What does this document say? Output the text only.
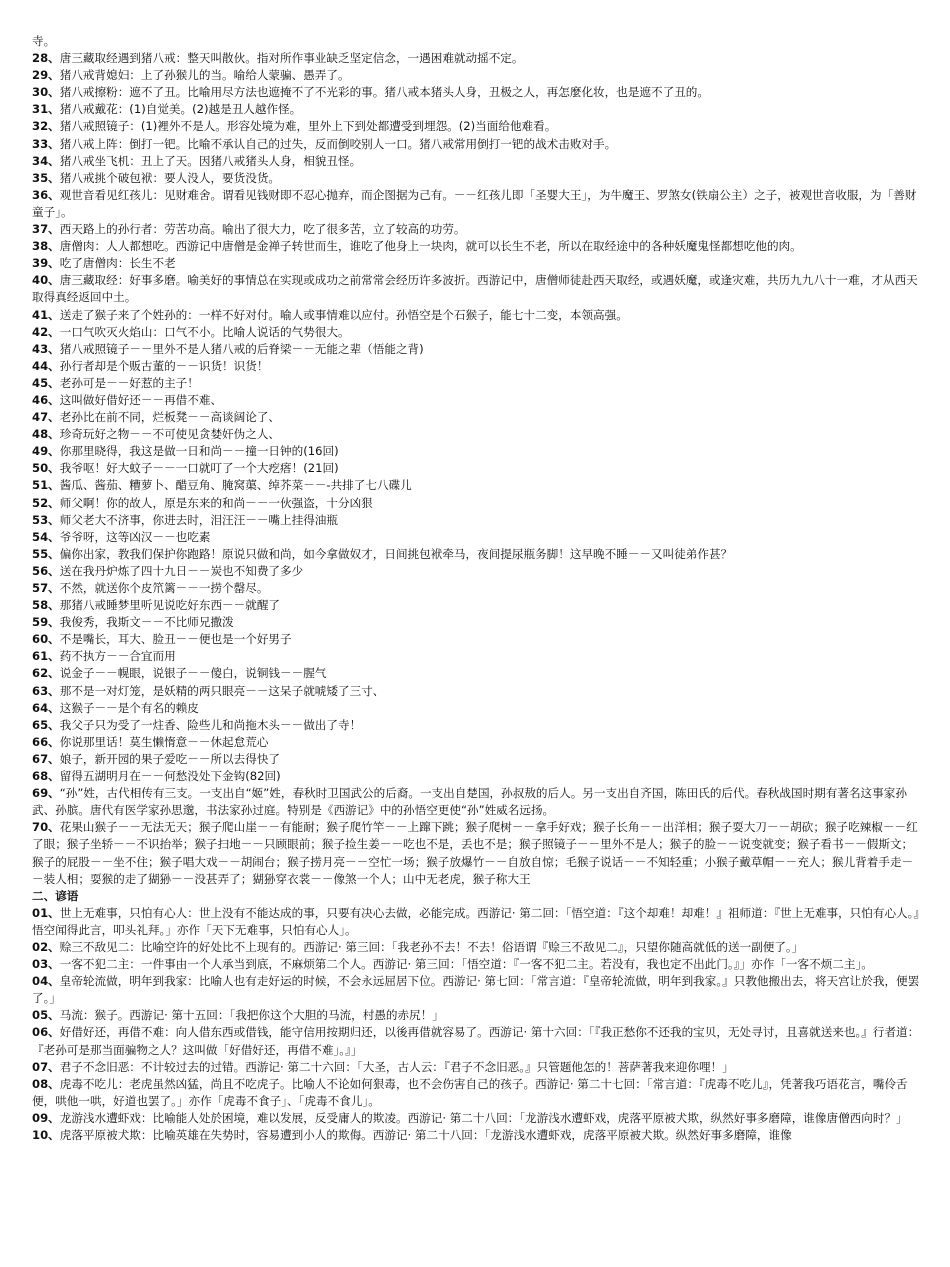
寺。

28、唐三藏取经遇到猪八戒：整天叫散伙。指对所作事业缺乏坚定信念，一遇困难就动摇不定。

29、猪八戒背媳妇：上了孙猴儿的当。喻给人蒙骗、愚弄了。

30、猪八戒擦粉：遮不了丑。比喻用尽方法也遮掩不了不光彩的事。猪八戒本猪头人身，丑极之人，再怎麼化妆，也是遮不了丑的。

31、猪八戒戴花：(1)自觉美。(2)越是丑人越作怪。

32、猪八戒照镜子：(1)裡外不是人。形容处境为难，里外上下到处都遭受到埋怨。(2)当面给他难看。

33、猪八戒上阵：倒打一钯。比喻不承认自己的过失，反而倒咬别人一口。猪八戒常用倒打一钯的战术击败对手。

34、猪八戒坐飞机：丑上了天。因猪八戒猪头人身，相貌丑怪。

35、猪八戒挑个破包袱：要人没人，要货没货。

36、观世音看见红孩儿：见财难舍。谓看见钱财即不忍心抛弃，而企图据为己有。－－红孩儿即「圣婴大王」，为牛魔王、罗煞女(铁扇公主）之子，被观世音收服，为「善财童子」。

37、西天路上的孙行者：劳苦功高。喻出了很大力，吃了很多苦，立了较高的功劳。

38、唐僧肉：人人都想吃。西游记中唐僧是金禅子转世而生，谁吃了他身上一块肉，就可以长生不老，所以在取经途中的各种妖魔鬼怪都想吃他的肉。

39、吃了唐僧肉：长生不老

40、唐三藏取经：好事多磨。喻美好的事情总在实现或成功之前常常会经历许多波折。西游记中，唐僧师徒赴西天取经，或遇妖魔，或逢灾难，共历九九八十一难，才从西天取得真经返回中土。

41、送走了猴子来了个姓孙的：一样不好对付。喻人或事情难以应付。孙悟空是个石猴子，能七十二变，本领高强。

42、一口气吹灭火焰山：口气不小。比喻人说话的气势很大。

43、猪八戒照镜子－－里外不是人猪八戒的后脊梁－－无能之辈（悟能之背)

44、孙行者却是个贩古董的－－识货！识货！

45、老孙可是－－好惹的主子！

46、这叫做好借好还－－再借不难、

47、老孙比在前不同，烂板凳－－高谈阔论了、

48、珍奇玩好之物－－不可使见贪婪奸伪之人、

49、你那里晓得，我这是做一日和尚－－撞一日钟的(16回)

50、我爷呕！好大蚊子－－一口就叮了一个大疙瘩！(21回)

51、酱瓜、酱茄、糟萝卜、醋豆角、腌窝蕖、绰芥菜－－-共排了七八碟儿

52、师父啊！你的故人，原是东来的和尚－－一伙强盗，十分凶狠

53、师父老大不济事，你进去时，泪汪汪－－嘴上挂得油瓶

54、爷爷呀，这等凶汉－－也吃素

55、偏你出家，教我们保护你跑路！原说只做和尚，如今拿做奴才，日间挑包袱牵马，夜间提尿瓶务脚！这早晚不睡－－又叫徒弟作甚？

56、送在我丹炉炼了四十九日－－炭也不知费了多少

57、不然，就送你个皮笊篱－－一捞个罄尽。

58、那猪八戒睡梦里听见说吃好东西－－就醒了

59、我俊秀，我斯文－－不比师兄撒泼

60、不是嘴长，耳大、脸丑－－便也是一个好男子

61、药不执方－－合宜而用

62、说金子－－幌眼，说银子－－傻白，说铜钱－－腥气

63、那不是一对灯笼，是妖精的两只眼亮－－这呆子就唬矮了三寸、

64、这猴子－－是个有名的赖皮

65、我父子只为受了一炷香、险些儿和尚拖木头－－做出了寺！

66、你说那里话！莫生懒惰意－－休起怠荒心

67、娘子，新开园的果子爱吃－－所以去得快了

68、留得五湖明月在－－何愁没处下金钩(82回)

69、“孙”姓，古代相传有三支。一支出自“姬”姓，春秋时卫国武公的后裔。一支出自楚国，孙叔敖的后人。另一支出自齐国，陈田氏的后代。春秋战国时期有著名这事家孙武、孙膑。唐代有医学家孙思邈，书法家孙过庭。特别是《西游记》中的孙悟空更使“孙”姓威名远扬。

70、花果山猴子－－无法无天；猴子爬山崖－－有能耐；猴子爬竹竿－－上蹿下跳；猴子爬树－－拿手好戏；猴子长角－－出洋相；猴子耍大刀－－胡砍；猴子吃辣椒－－红了眼；猴子坐轿－－不识抬举；猴子扫地－－只顾眼前；猴子捡生姜－－吃也不是，丢也不是；猴子照镜子－－里外不是人；猴子的脸－－说变就变；猴子看书－－假斯文；猴子的屁股－－坐不住；猴子唱大戏－－胡闹台；猴子捞月亮－－空忙一场；猴子放爆竹－－自放自惊；毛猴子说话－－不知轻重；小猴子戴草帽－－充人；猴儿背着手走－－装人相；耍猴的走了猢狲－－没甚弄了；猢狲穿衣裳－－像煞一个人；山中无老虎，猴子称大王

二、谚语

01、世上无难事，只怕有心人：世上没有不能达成的事，只要有决心去做，必能完成。西游记‧ 第二回：「悟空道：『这个却难！却难！』祖师道：『世上无难事，只怕有心人。』悟空闻得此言，叩头礼拜。」亦作「天下无难事，只怕有心人」。

02、赊三不敌见二：比喻空许的好处比不上现有的。西游记‧ 第三回：「我老孙不去！不去！俗语谓『赊三不敌见二』，只望你随高就低的送一副便了。」

03、一客不犯二主：一件事由一个人承当到底，不麻烦第二个人。西游记‧ 第三回：「悟空道：『一客不犯二主。若没有，我也定不出此门。』」亦作「一客不烦二主」。

04、皇帝轮流做，明年到我家：比喻人也有走好运的时候，不会永远屈居下位。西游记‧ 第七回：「常言道：『皇帝轮流做，明年到我家。』只教他搬出去，将天宫让於我，便罢了。」

05、马流：猴子。西游记‧ 第十五回：「我把你这个大胆的马流，村愚的赤尻！」

06、好借好还，再借不难：向人借东西或借钱，能守信用按期归还，以後再借就容易了。西游记‧ 第十六回：「『我正愁你不还我的宝贝，无处寻讨，且喜就送来也。』行者道：『老孙可是那当面骗物之人？这叫做「好借好还，再借不难」。』」

07、君子不念旧恶：不计较过去的过错。西游记‧ 第二十六回：「大圣，古人云：『君子不念旧恶。』只管题他怎的！菩萨著我来迎你哩！」

08、虎毒不吃儿：老虎虽然凶猛，尚且不吃虎子。比喻人不论如何狠毒，也不会伤害自己的孩子。西游记‧ 第二十七回：「常言道：『虎毒不吃儿』，凭著我巧语花言，嘴伶舌便，哄他一哄，好道也罢了。」亦作「虎毒不食子」、「虎毒不食儿」。

09、龙游浅水遭虾戏：比喻能人处於困境，难以发展，反受庸人的欺凌。西游记‧ 第二十八回：「龙游浅水遭虾戏，虎落平原被犬欺，纵然好事多磨障，谁像唐僧西向时？」

10、虎落平原被犬欺：比喻英雄在失势时，容易遭到小人的欺侮。西游记‧ 第二十八回：「龙游浅水遭虾戏，虎落平原被犬欺。纵然好事多磨障，谁像
